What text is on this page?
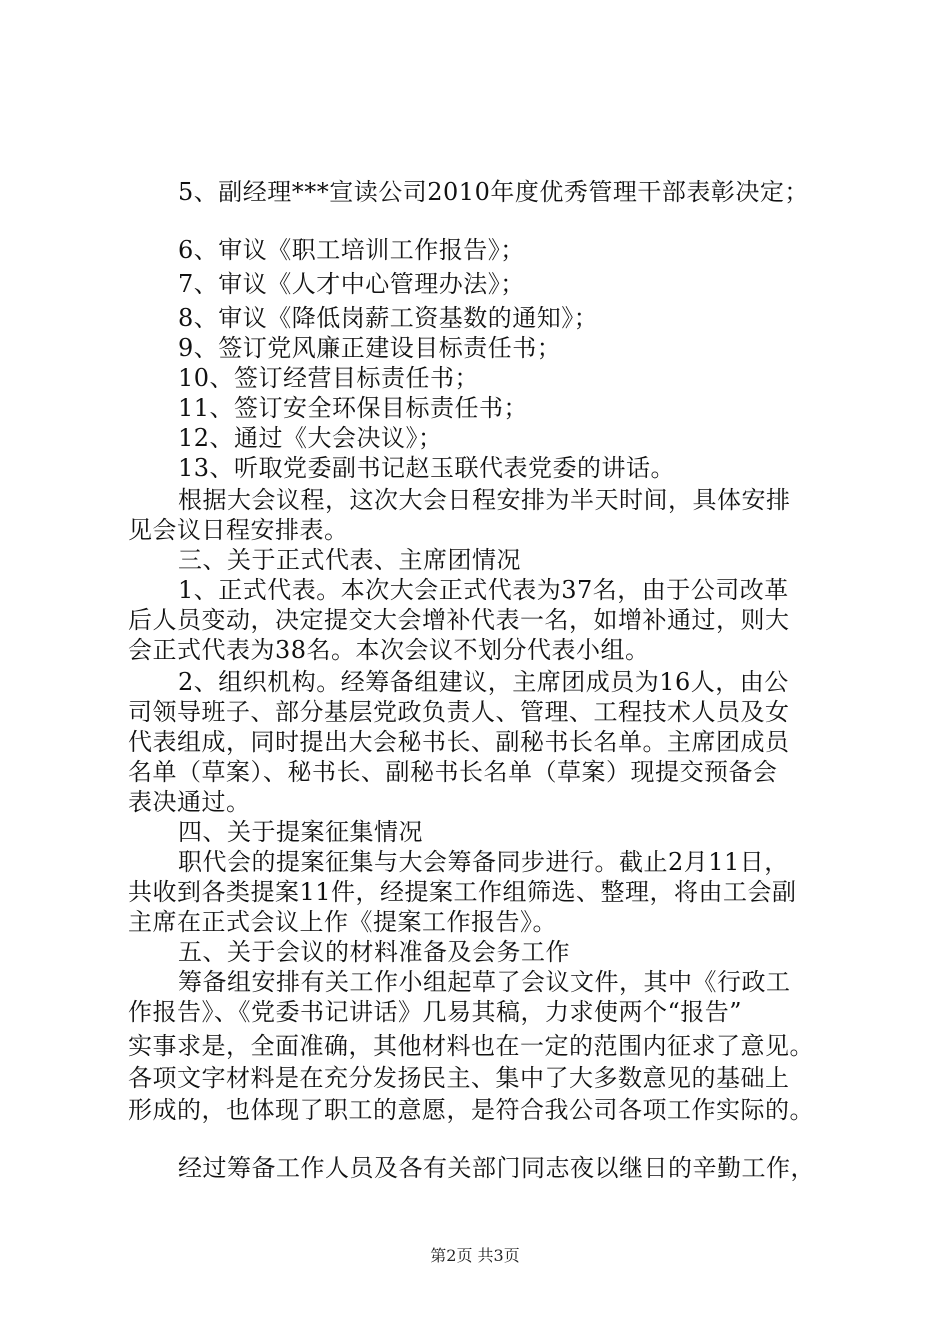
5、副经理***宣读公司2010年度优秀管理干部表彰决定；
6、审议《职工培训工作报告》；
7、审议《人才中心管理办法》；
8、审议《降低岗薪工资基数的通知》；
9、签订党风廉正建设目标责任书；
10、签订经营目标责任书；
11、签订安全环保目标责任书；
12、通过《大会决议》；
13、听取党委副书记赵玉联代表党委的讲话。
根据大会议程，这次大会日程安排为半天时间，具体安排
见会议日程安排表。
三、关于正式代表、主席团情况
1、正式代表。本次大会正式代表为37名，由于公司改革
后人员变动，决定提交大会增补代表一名，如增补通过，则大
会正式代表为38名。本次会议不划分代表小组。
2、组织机构。经筹备组建议，主席团成员为16人，由公
司领导班子、部分基层党政负责人、管理、工程技术人员及女
代表组成，同时提出大会秘书长、副秘书长名单。主席团成员
名单（草案）、秘书长、副秘书长名单（草案）现提交预备会
表决通过。
四、关于提案征集情况
职代会的提案征集与大会筹备同步进行。截止2月11日，
共收到各类提案11件，经提案工作组筛选、整理，将由工会副
主席在正式会议上作《提案工作报告》。
五、关于会议的材料准备及会务工作
筹备组安排有关工作小组起草了会议文件，其中《行政工
作报告》、《党委书记讲话》几易其稿，力求使两个“报告”
实事求是，全面准确，其他材料也在一定的范围内征求了意见。
各项文字材料是在充分发扬民主、集中了大多数意见的基础上
形成的，也体现了职工的意愿，是符合我公司各项工作实际的。
经过筹备工作人员及各有关部门同志夜以继日的辛勤工作，
第2页 共3页
